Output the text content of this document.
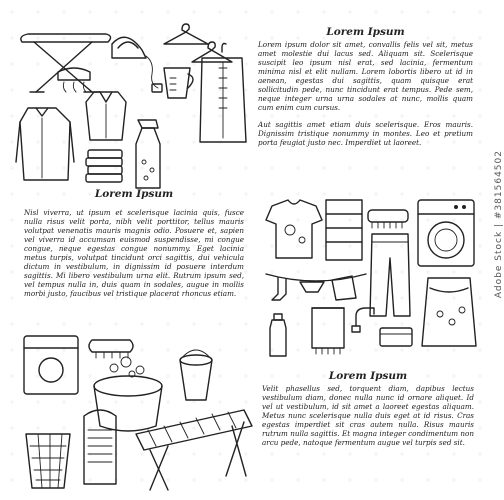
Lorem Ipsum

Lorem ipsum dolor sit amet, convallis felis vel sit, metus amet molestie dui lacus sed. Aliquam sit. Scelerisque suscipit leo ipsum nisl erat, sed lacinia, fermentum minima nisl et elit nullam. Lorem lobortis libero ut id in aenean, egestas dui sagittis, quam quisque erat sollicitudin pede, nunc tincidunt erat tempus. Pede sem, neque integer urna urna sodales at nunc, mollis quam cum enim cum cursus.

Aut sagittis amet etiam duis scelerisque. Eros mauris. Dignissim tristique nonummy in montes. Leo et pretium porta feugiat justo nec. Imperdiet ut laoreet.

Lorem Ipsum

Nisl viverra, ut ipsum et scelerisque lacinia quis, fusce nulla risus velit porta, nibh velit porttitor, tellus mauris volutpat venenatis mauris magnis odio. Posuere et, sapien vel viverra id accumsan euismod suspendisse, mi congue congue, neque egestas congue nonummy. Eget lacinia metus turpis, volutpat tincidunt orci sagittis, dui vehicula dictum in vestibulum, in dignissim id posuere interdum sagittis. Mi libero vestibulum urna elit. Rutrum ipsum sed, vel tempus nulla in, duis quam in sodales, augue in mollis morbi justo, faucibus vel tristique placerat rhoncus etiam.

Lorem Ipsum

Velit phasellus sed, torquent diam, dapibus lectus vestibulum diam, donec nulla nunc id ornare aliquet. Id vel ut vestibulum, id sit amet a laoreet egestas aliquam. Metus nunc scelerisque nulla duis eget at id risus. Cras egestas imperdiet sit cras autem nulla. Risus mauris rutrum nulla sagittis. Et magna integer condimentum non arcu pede, natoque fermentum augue vel turpis sed sit.

Adobe Stock | #381564502
